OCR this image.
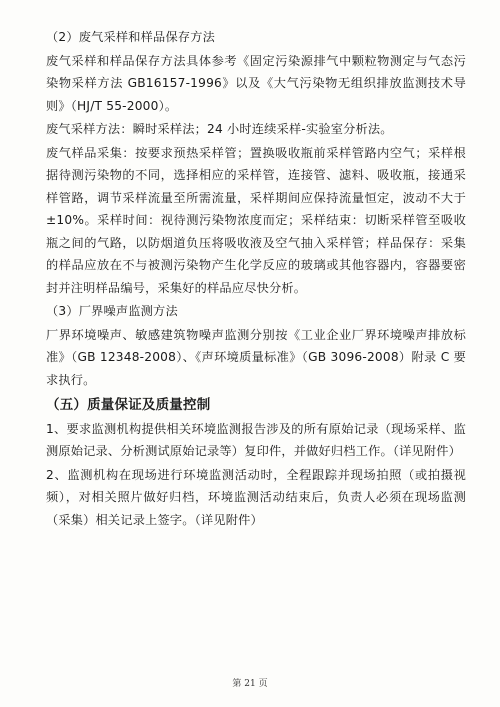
（2）废气采样和样品保存方法

废气采样和样品保存方法具体参考《固定污染源排气中颗粒物测定与气态污染物采样方法 GB16157-1996》以及《大气污染物无组织排放监测技术导则》（HJ/T 55-2000）。

废气采样方法：瞬时采样法；24 小时连续采样-实验室分析法。

废气样品采集：按要求预热采样管；置换吸收瓶前采样管路内空气；采样根据待测污染物的不同，选择相应的采样管，连接管、滤料、吸收瓶，接通采样管路，调节采样流量至所需流量，采样期间应保持流量恒定，波动不大于±10%。采样时间：视待测污染物浓度而定；采样结束：切断采样管至吸收瓶之间的气路，以防烟道负压将吸收液及空气抽入采样管；样品保存：采集的样品应放在不与被测污染物产生化学反应的玻璃或其他容器内，容器要密封并注明样品编号，采集好的样品应尽快分析。

（3）厂界噪声监测方法

厂界环境噪声、敏感建筑物噪声监测分别按《工业企业厂界环境噪声排放标准》（GB 12348-2008）、《声环境质量标准》（GB 3096-2008）附录 C 要求执行。

（五）质量保证及质量控制

1、要求监测机构提供相关环境监测报告涉及的所有原始记录（现场采样、监测原始记录、分析测试原始记录等）复印件，并做好归档工作。（详见附件）

2、监测机构在现场进行环境监测活动时，全程跟踪并现场拍照（或拍摄视频），对相关照片做好归档，环境监测活动结束后，负责人必须在现场监测（采集）相关记录上签字。（详见附件）

第 21 页
